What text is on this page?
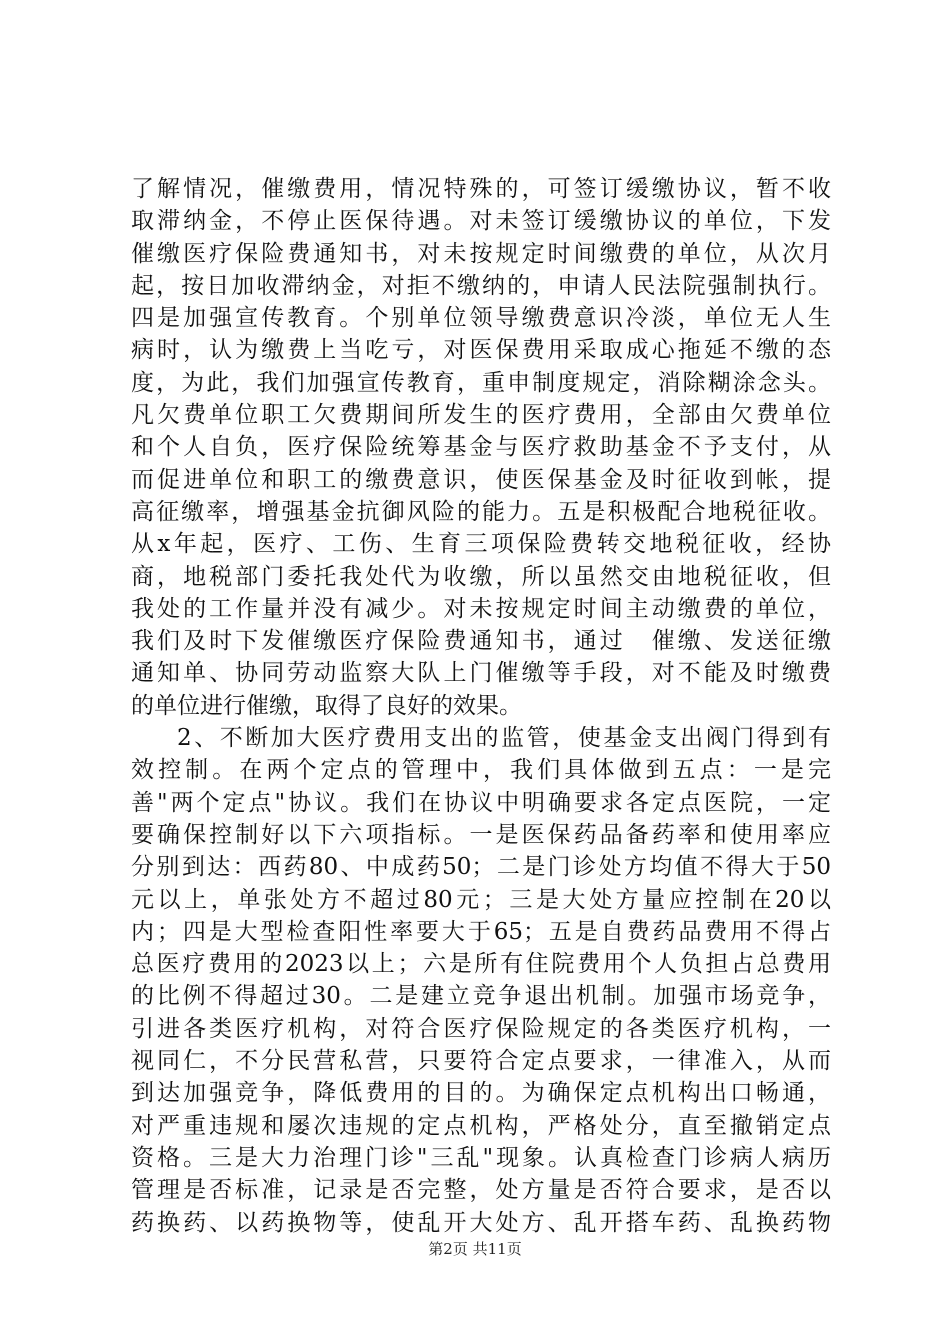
了解情况，催缴费用，情况特殊的，可签订缓缴协议，暂不收
取滞纳金，不停止医保待遇。对未签订缓缴协议的单位，下发
催缴医疗保险费通知书，对未按规定时间缴费的单位，从次月
起，按日加收滞纳金，对拒不缴纳的，申请人民法院强制执行。
四是加强宣传教育。个别单位领导缴费意识冷淡，单位无人生
病时，认为缴费上当吃亏，对医保费用采取成心拖延不缴的态
度，为此，我们加强宣传教育，重申制度规定，消除糊涂念头。
凡欠费单位职工欠费期间所发生的医疗费用，全部由欠费单位
和个人自负，医疗保险统筹基金与医疗救助基金不予支付，从
而促进单位和职工的缴费意识，使医保基金及时征收到帐，提
高征缴率，增强基金抗御风险的能力。五是积极配合地税征收。
从x年起，医疗、工伤、生育三项保险费转交地税征收，经协
商，地税部门委托我处代为收缴，所以虽然交由地税征收，但
我处的工作量并没有减少。对未按规定时间主动缴费的单位，
我们及时下发催缴医疗保险费通知书，通过　催缴、发送征缴
通知单、协同劳动监察大队上门催缴等手段，对不能及时缴费
的单位进行催缴，取得了良好的效果。
2、不断加大医疗费用支出的监管，使基金支出阀门得到有
效控制。在两个定点的管理中，我们具体做到五点：一是完
善"两个定点"协议。我们在协议中明确要求各定点医院，一定
要确保控制好以下六项指标。一是医保药品备药率和使用率应
分别到达：西药80、中成药50；二是门诊处方均值不得大于50
元以上，单张处方不超过80元；三是大处方量应控制在20以
内；四是大型检查阳性率要大于65；五是自费药品费用不得占
总医疗费用的2023以上；六是所有住院费用个人负担占总费用
的比例不得超过30。二是建立竞争退出机制。加强市场竞争，
引进各类医疗机构，对符合医疗保险规定的各类医疗机构，一
视同仁，不分民营私营，只要符合定点要求，一律准入，从而
到达加强竞争，降低费用的目的。为确保定点机构出口畅通，
对严重违规和屡次违规的定点机构，严格处分，直至撤销定点
资格。三是大力治理门诊"三乱"现象。认真检查门诊病人病历
管理是否标准，记录是否完整，处方量是否符合要求，是否以
药换药、以药换物等，使乱开大处方、乱开搭车药、乱换药物
第2页 共11页
